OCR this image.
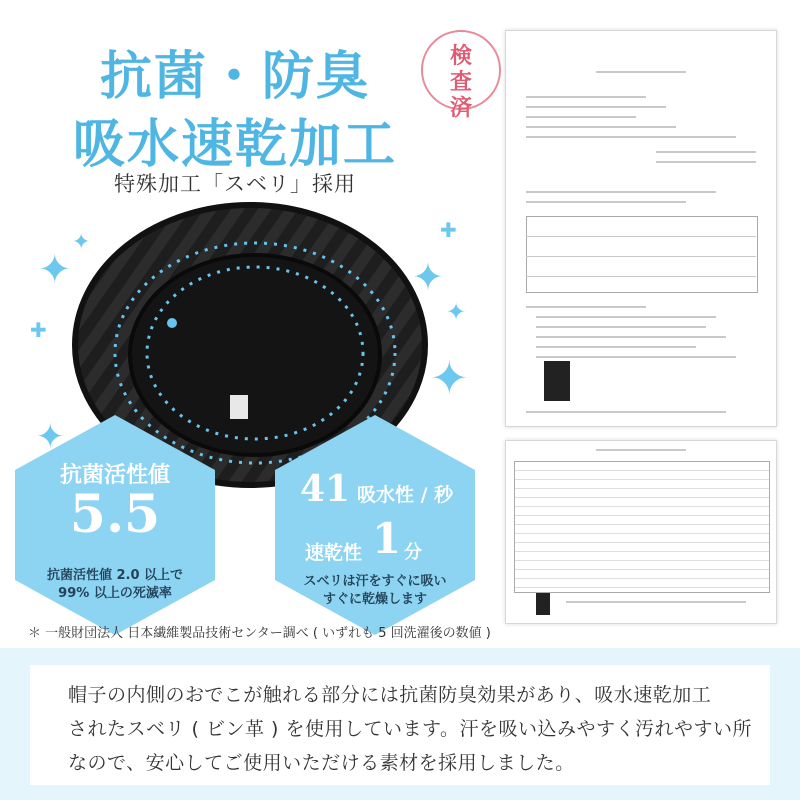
抗菌・防臭
吸水速乾加工
特殊加工「スベリ」採用
✦
✦
✚
✚
✦
✦
✦
✦
抗菌活性値
5.5
抗菌活性値 2.0 以上で
99% 以上の死滅率
41 吸水性 / 秒
速乾性 1 分
スベリは汗をすぐに吸い
すぐに乾燥します
検査済
＊ 一般財団法人 日本繊維製品技術センター調べ ( いずれも 5 回洗濯後の数値 )
帽子の内側のおでこが触れる部分には抗菌防臭効果があり、吸水速乾加工
されたスベリ ( ビン革 ) を使用しています。汗を吸い込みやすく汚れやすい所
なので、安心してご使用いただける素材を採用しました。
